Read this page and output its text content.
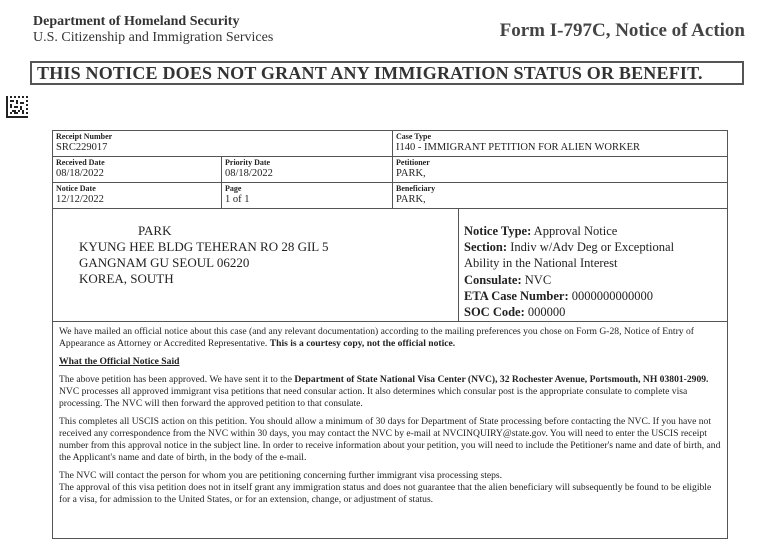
Department of Homeland Security
U.S. Citizenship and Immigration Services	Form I-797C, Notice of Action
THIS NOTICE DOES NOT GRANT ANY IMMIGRATION STATUS OR BENEFIT.
Receipt Number
SRC229017
Case Type
I140 - IMMIGRANT PETITION FOR ALIEN WORKER
Received Date
08/18/2022
Priority Date
08/18/2022
Petitioner
PARK,
Notice Date
12/12/2022
Page
1 of 1
Beneficiary
PARK,
PARK
KYUNG HEE BLDG TEHERAN RO 28 GIL 5
GANGNAM GU SEOUL 06220
KOREA, SOUTH
Notice Type: Approval Notice
Section: Indiv w/Adv Deg or Exceptional
Ability in the National Interest
Consulate: NVC
ETA Case Number: 0000000000000
SOC Code: 000000

We have mailed an official notice about this case (and any relevant documentation) according to the mailing preferences you chose on Form G-28, Notice of Entry of Appearance as Attorney or Accredited Representative. This is a courtesy copy, not the official notice.

What the Official Notice Said

The above petition has been approved. We have sent it to the Department of State National Visa Center (NVC), 32 Rochester Avenue, Portsmouth, NH 03801-2909. NVC processes all approved immigrant visa petitions that need consular action. It also determines which consular post is the appropriate consulate to complete visa processing. The NVC will then forward the approved petition to that consulate.

This completes all USCIS action on this petition. You should allow a minimum of 30 days for Department of State processing before contacting the NVC. If you have not received any correspondence from the NVC within 30 days, you may contact the NVC by e-mail at NVCINQUIRY@state.gov. You will need to enter the USCIS receipt number from this approval notice in the subject line. In order to receive information about your petition, you will need to include the Petitioner's name and date of birth, and the Applicant's name and date of birth, in the body of the e-mail.

The NVC will contact the person for whom you are petitioning concerning further immigrant visa processing steps.
The approval of this visa petition does not in itself grant any immigration status and does not guarantee that the alien beneficiary will subsequently be found to be eligible for a visa, for admission to the United States, or for an extension, change, or adjustment of status.
